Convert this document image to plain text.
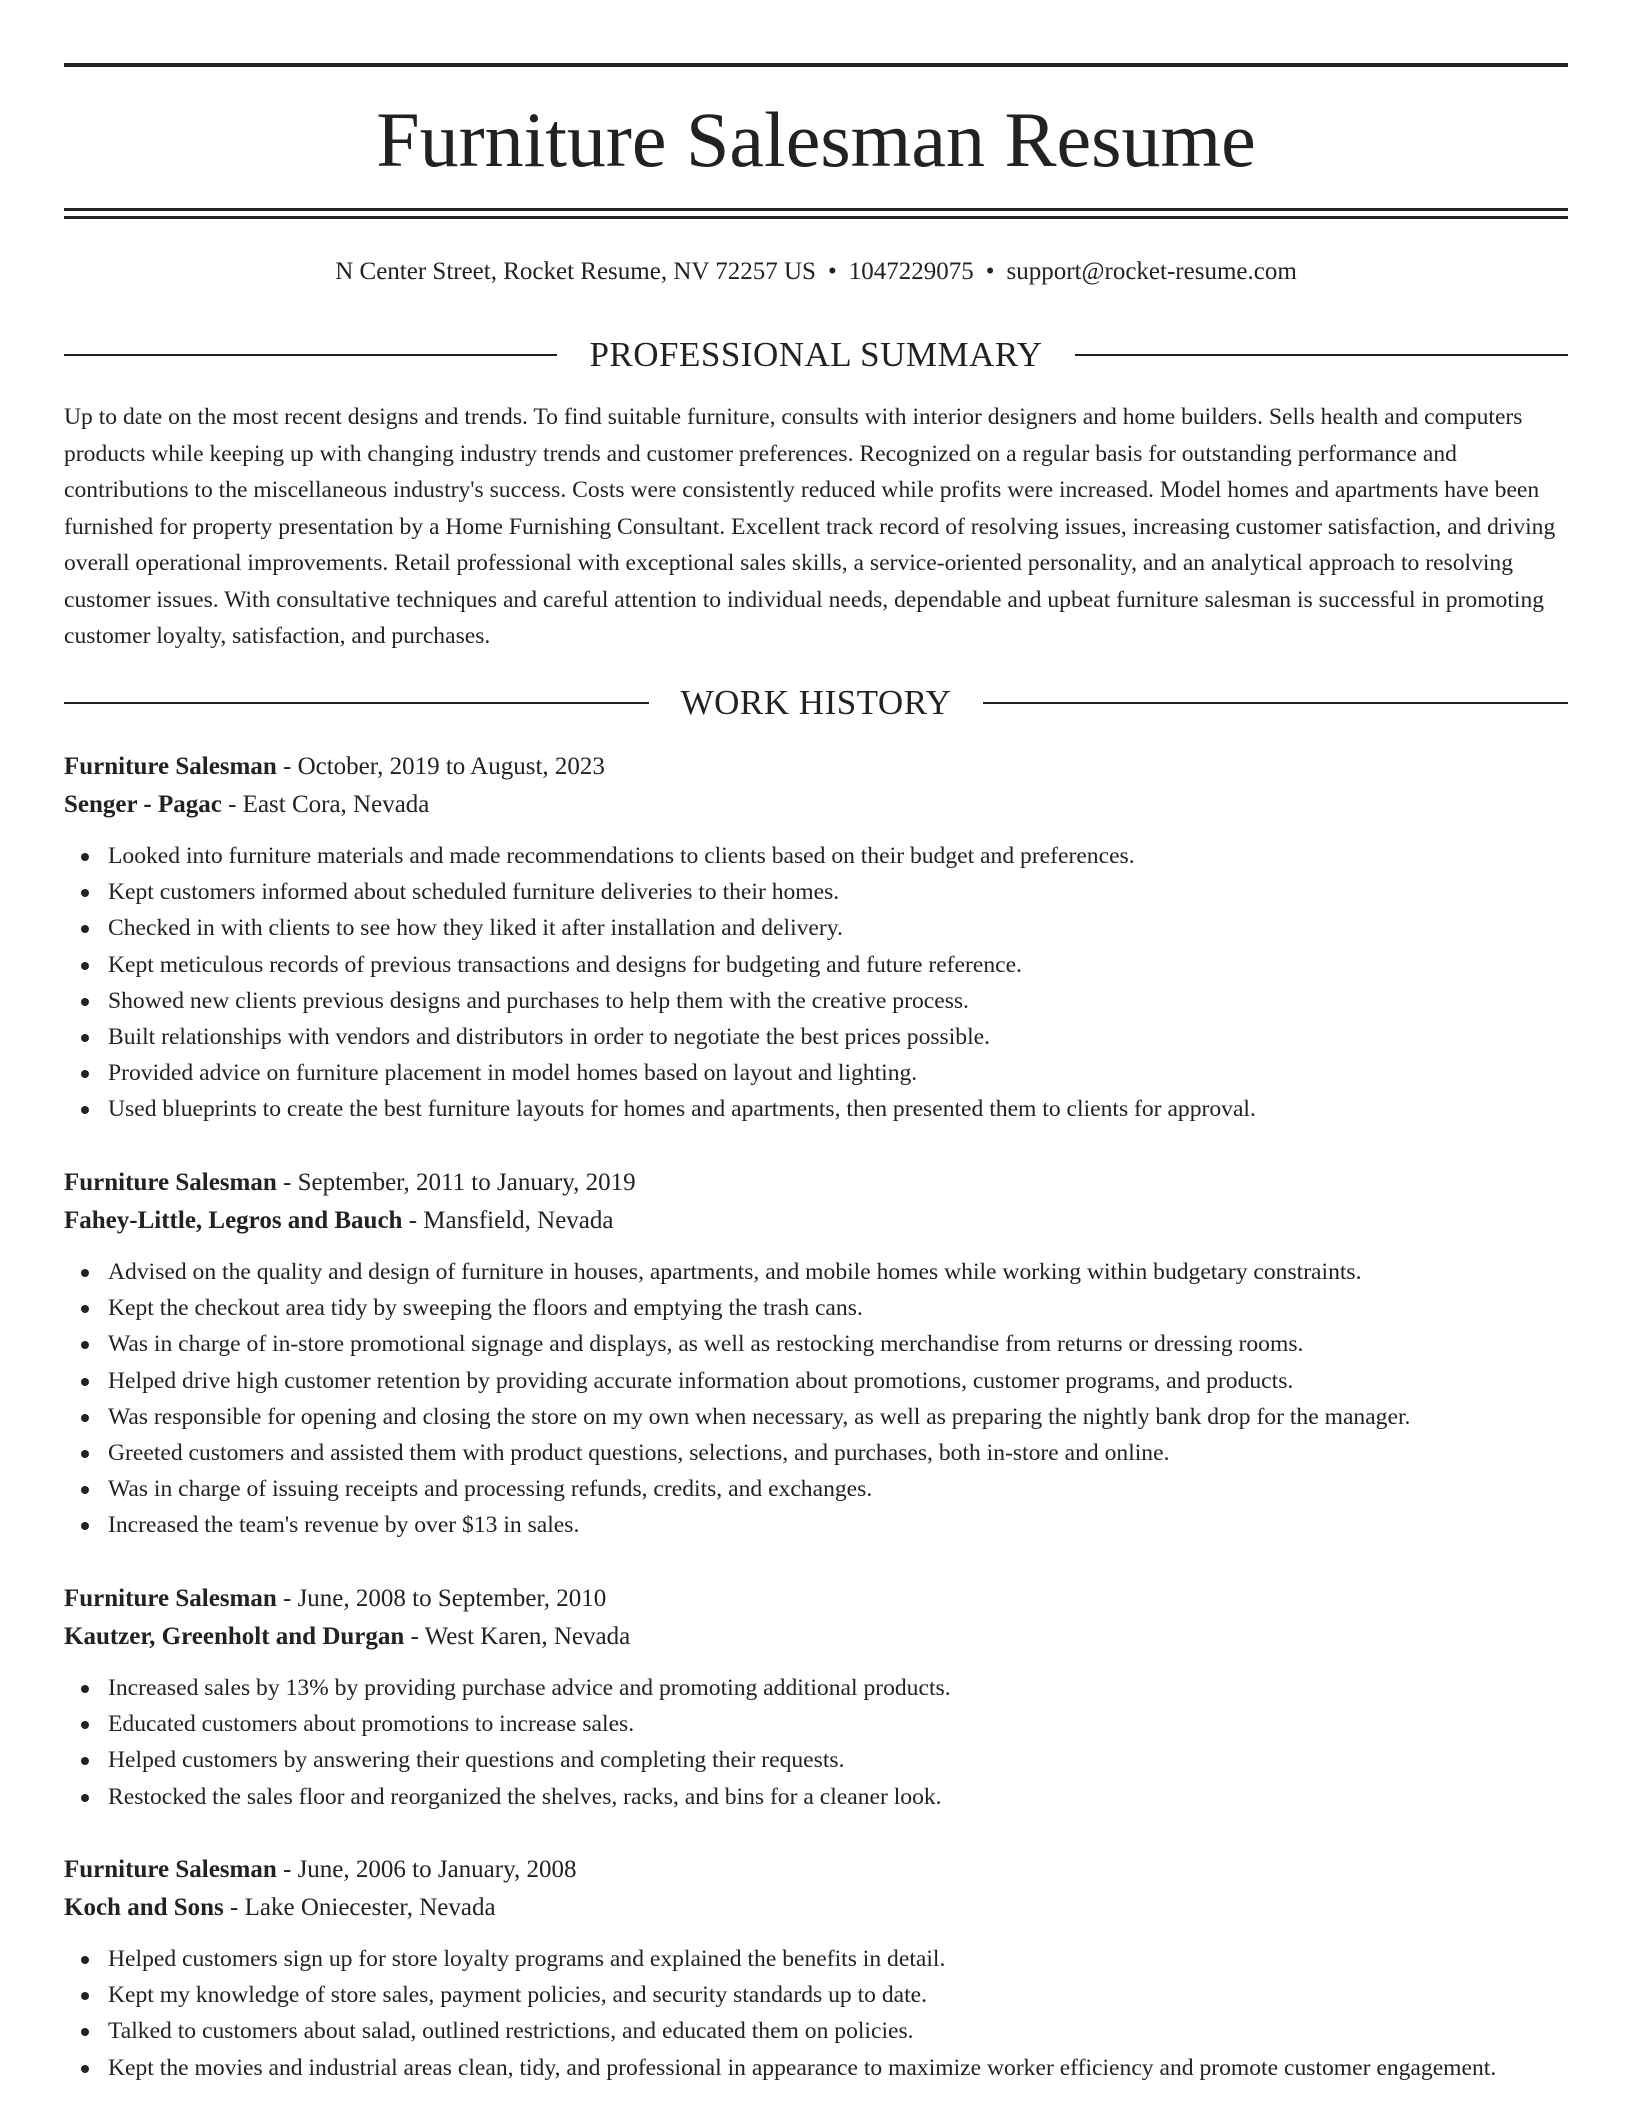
Furniture Salesman Resume
N Center Street, Rocket Resume, NV 72257 US • 1047229075 • support@rocket-resume.com
PROFESSIONAL SUMMARY

Up to date on the most recent designs and trends. To find suitable furniture, consults with interior designers and home builders. Sells health and computers products while keeping up with changing industry trends and customer preferences. Recognized on a regular basis for outstanding performance and contributions to the miscellaneous industry's success. Costs were consistently reduced while profits were increased. Model homes and apartments have been furnished for property presentation by a Home Furnishing Consultant. Excellent track record of resolving issues, increasing customer satisfaction, and driving overall operational improvements. Retail professional with exceptional sales skills, a service-oriented personality, and an analytical approach to resolving customer issues. With consultative techniques and careful attention to individual needs, dependable and upbeat furniture salesman is successful in promoting customer loyalty, satisfaction, and purchases.

WORK HISTORY
Furniture Salesman - October, 2019 to August, 2023
Senger - Pagac - East Cora, Nevada
Looked into furniture materials and made recommendations to clients based on their budget and preferences.
Kept customers informed about scheduled furniture deliveries to their homes.
Checked in with clients to see how they liked it after installation and delivery.
Kept meticulous records of previous transactions and designs for budgeting and future reference.
Showed new clients previous designs and purchases to help them with the creative process.
Built relationships with vendors and distributors in order to negotiate the best prices possible.
Provided advice on furniture placement in model homes based on layout and lighting.
Used blueprints to create the best furniture layouts for homes and apartments, then presented them to clients for approval.
Furniture Salesman - September, 2011 to January, 2019
Fahey-Little, Legros and Bauch - Mansfield, Nevada
Advised on the quality and design of furniture in houses, apartments, and mobile homes while working within budgetary constraints.
Kept the checkout area tidy by sweeping the floors and emptying the trash cans.
Was in charge of in-store promotional signage and displays, as well as restocking merchandise from returns or dressing rooms.
Helped drive high customer retention by providing accurate information about promotions, customer programs, and products.
Was responsible for opening and closing the store on my own when necessary, as well as preparing the nightly bank drop for the manager.
Greeted customers and assisted them with product questions, selections, and purchases, both in-store and online.
Was in charge of issuing receipts and processing refunds, credits, and exchanges.
Increased the team's revenue by over $13 in sales.
Furniture Salesman - June, 2008 to September, 2010
Kautzer, Greenholt and Durgan - West Karen, Nevada
Increased sales by 13% by providing purchase advice and promoting additional products.
Educated customers about promotions to increase sales.
Helped customers by answering their questions and completing their requests.
Restocked the sales floor and reorganized the shelves, racks, and bins for a cleaner look.
Furniture Salesman - June, 2006 to January, 2008
Koch and Sons - Lake Oniecester, Nevada
Helped customers sign up for store loyalty programs and explained the benefits in detail.
Kept my knowledge of store sales, payment policies, and security standards up to date.
Talked to customers about salad, outlined restrictions, and educated them on policies.
Kept the movies and industrial areas clean, tidy, and professional in appearance to maximize worker efficiency and promote customer engagement.
